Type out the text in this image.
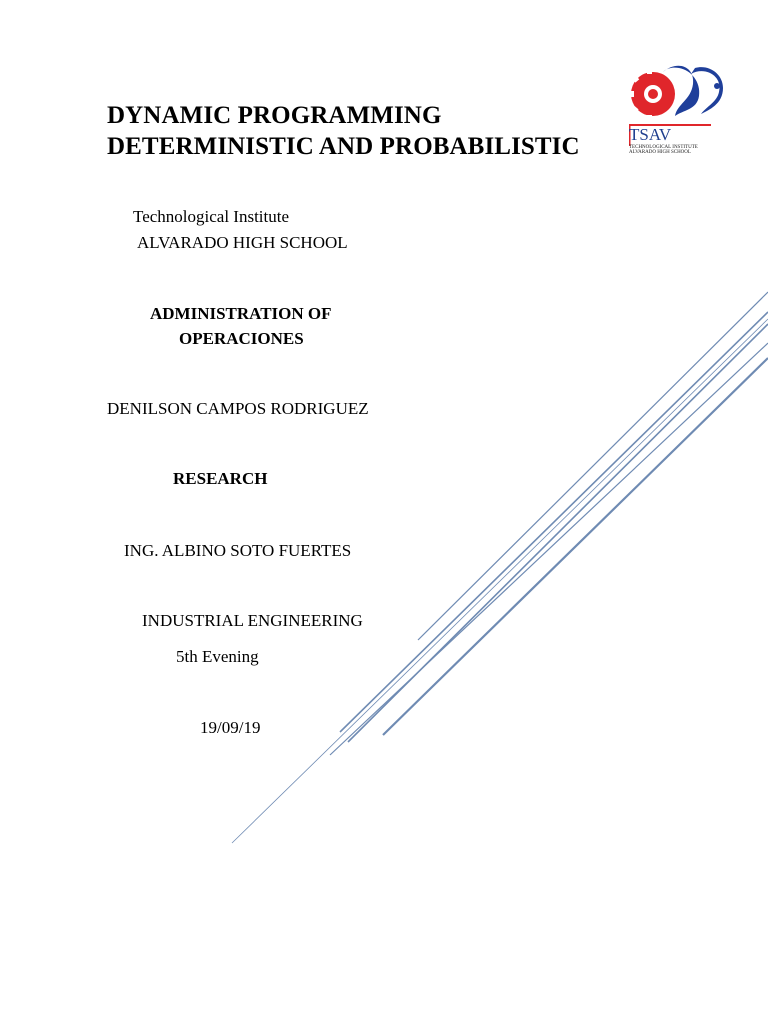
DYNAMIC PROGRAMMING
DETERMINISTIC AND PROBABILISTIC	TSAV
TECHNOLOGICAL INSTITUTE
ALVARADO HIGH SCHOOL
Technological Institute
ALVARADO HIGH SCHOOL
ADMINISTRATION OF
OPERACIONES
DENILSON CAMPOS RODRIGUEZ
RESEARCH
ING. ALBINO SOTO FUERTES
INDUSTRIAL ENGINEERING
5th Evening
19/09/19
